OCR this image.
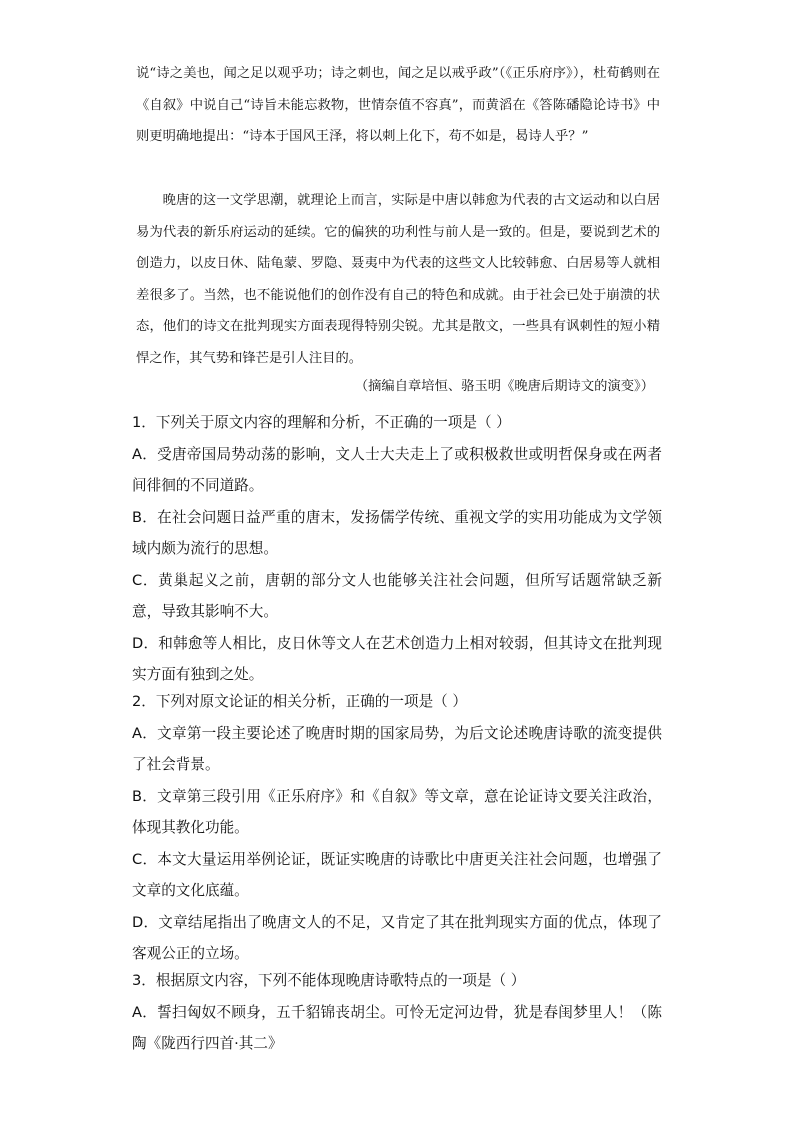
说“诗之美也，闻之足以观乎功；诗之刺也，闻之足以戒乎政”（《正乐府序》），杜荀鹤则在《自叙》中说自己“诗旨未能忘救物，世情奈值不容真”，而黄滔在《答陈磻隐论诗书》中则更明确地提出：“诗本于国风王泽，将以刺上化下，苟不如是，曷诗人乎？”
晚唐的这一文学思潮，就理论上而言，实际是中唐以韩愈为代表的古文运动和以白居易为代表的新乐府运动的延续。它的偏狭的功利性与前人是一致的。但是，要说到艺术的创造力，以皮日休、陆龟蒙、罗隐、聂夷中为代表的这些文人比较韩愈、白居易等人就相差很多了。当然，也不能说他们的创作没有自己的特色和成就。由于社会已处于崩溃的状态，他们的诗文在批判现实方面表现得特别尖锐。尤其是散文，一些具有讽刺性的短小精悍之作，其气势和锋芒是引人注目的。
（摘编自章培恒、骆玉明《晚唐后期诗文的演变》）
1．下列关于原文内容的理解和分析，不正确的一项是（ ）
A．受唐帝国局势动荡的影响，文人士大夫走上了或积极救世或明哲保身或在两者间徘徊的不同道路。
B．在社会问题日益严重的唐末，发扬儒学传统、重视文学的实用功能成为文学领域内颇为流行的思想。
C．黄巢起义之前，唐朝的部分文人也能够关注社会问题，但所写话题常缺乏新意，导致其影响不大。
D．和韩愈等人相比，皮日休等文人在艺术创造力上相对较弱，但其诗文在批判现实方面有独到之处。
2．下列对原文论证的相关分析，正确的一项是（ ）
A．文章第一段主要论述了晚唐时期的国家局势，为后文论述晚唐诗歌的流变提供了社会背景。
B．文章第三段引用《正乐府序》和《自叙》等文章，意在论证诗文要关注政治，体现其教化功能。
C．本文大量运用举例论证，既证实晚唐的诗歌比中唐更关注社会问题，也增强了文章的文化底蕴。
D．文章结尾指出了晚唐文人的不足，又肯定了其在批判现实方面的优点，体现了客观公正的立场。
3．根据原文内容，下列不能体现晚唐诗歌特点的一项是（ ）
A．誓扫匈奴不顾身，五千貂锦丧胡尘。可怜无定河边骨，犹是春闺梦里人！（陈陶《陇西行四首·其二》
